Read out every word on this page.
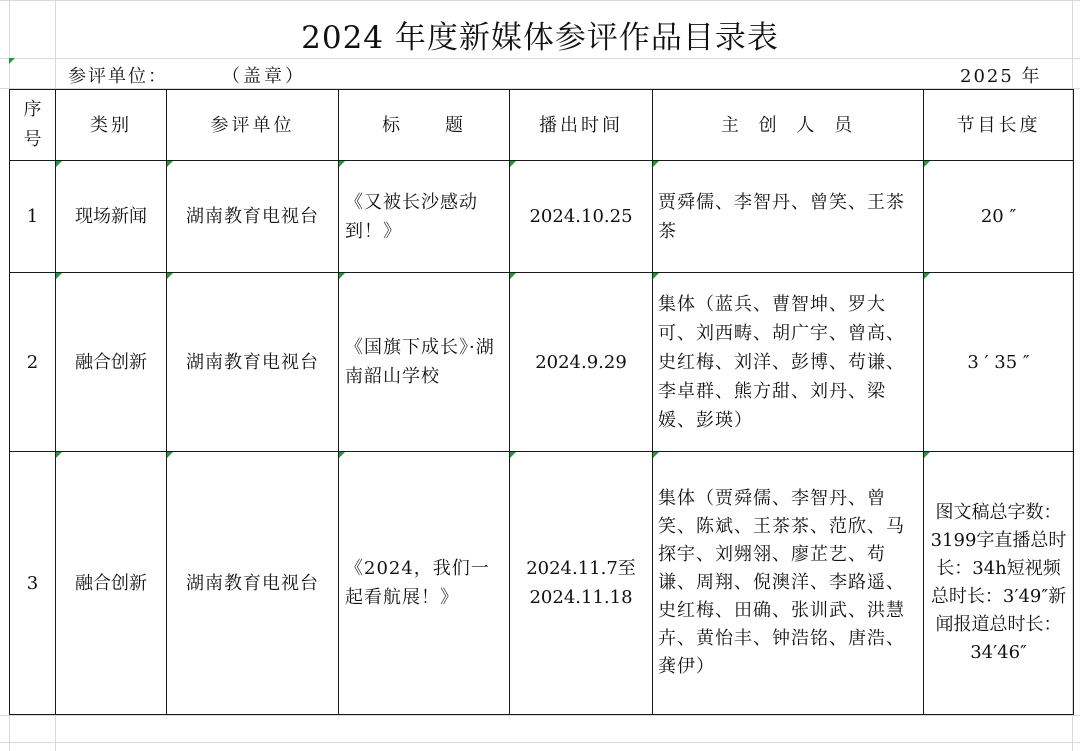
2024 年度新媒体参评作品目录表
参评单位：	（盖章）	2025 年
序号	类别	参评单位	标　　题	播出时间	主 创 人 员	节目长度
1	现场新闻	湖南教育电视台	《又被长沙感动到！》	2024.10.25	贾舜儒、李智丹、曾笑、王茶茶	20 ″
2	融合创新	湖南教育电视台	《国旗下成长》·湖南韶山学校	2024.9.29	集体（蓝兵、曹智坤、罗大可、刘西畴、胡广宇、曾高、史红梅、刘洋、彭博、苟谦、李卓群、熊方甜、刘丹、梁媛、彭瑛）	3 ′ 35 ″
3	融合创新	湖南教育电视台	《2024，我们一起看航展！》	2024.11.7至2024.11.18	集体（贾舜儒、李智丹、曾笑、陈斌、王茶茶、范欣、马探宇、刘翙翎、廖芷艺、苟谦、周翔、倪澳洋、李路遥、史红梅、田确、张训武、洪慧卉、黄怡丰、钟浩铭、唐浩、龚伊）	图文稿总字数：3199字直播总时长：34h短视频总时长：3′49″新闻报道总时长：34′46″
